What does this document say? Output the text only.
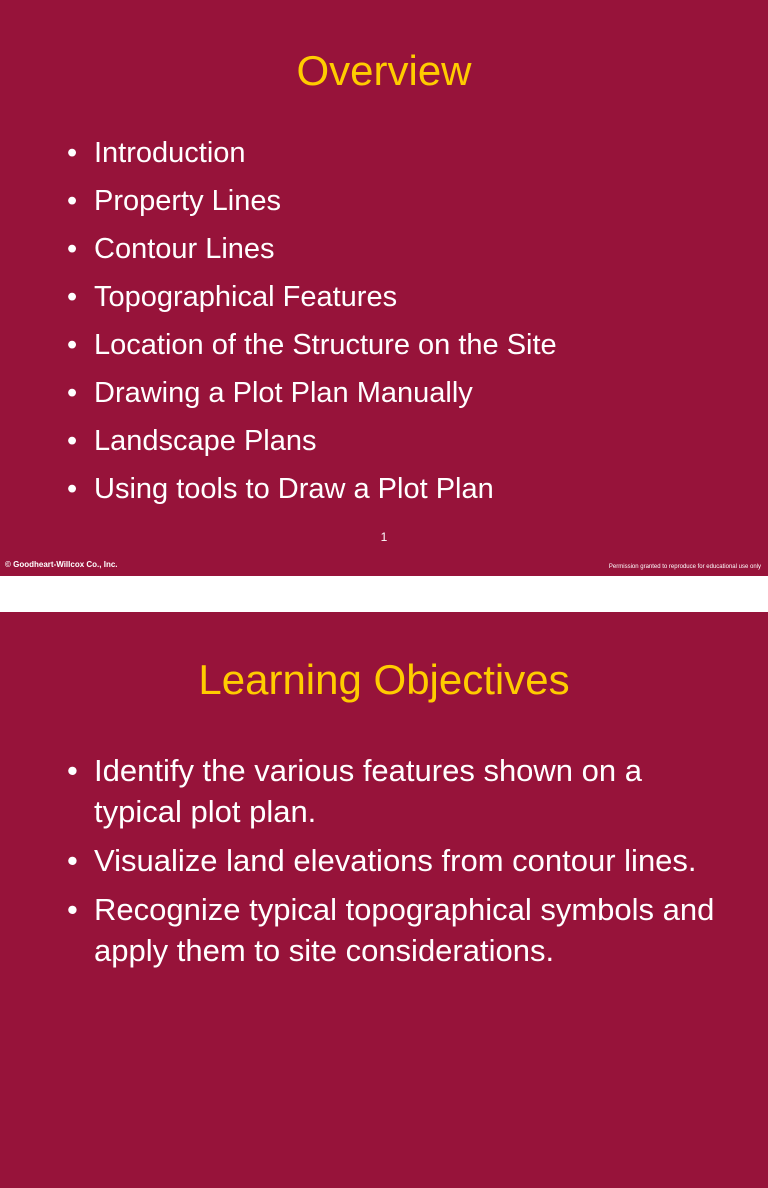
Overview
• Introduction
• Property Lines
• Contour Lines
• Topographical Features
• Location of the Structure on the Site
• Drawing a Plot Plan Manually
• Landscape Plans
• Using tools to Draw a Plot Plan
1
© Goodheart-Willcox Co., Inc.	Permission granted to reproduce for educational use only
Learning Objectives
• Identify the various features shown on a typical plot plan.
• Visualize land elevations from contour lines.
• Recognize typical topographical symbols and apply them to site considerations.
